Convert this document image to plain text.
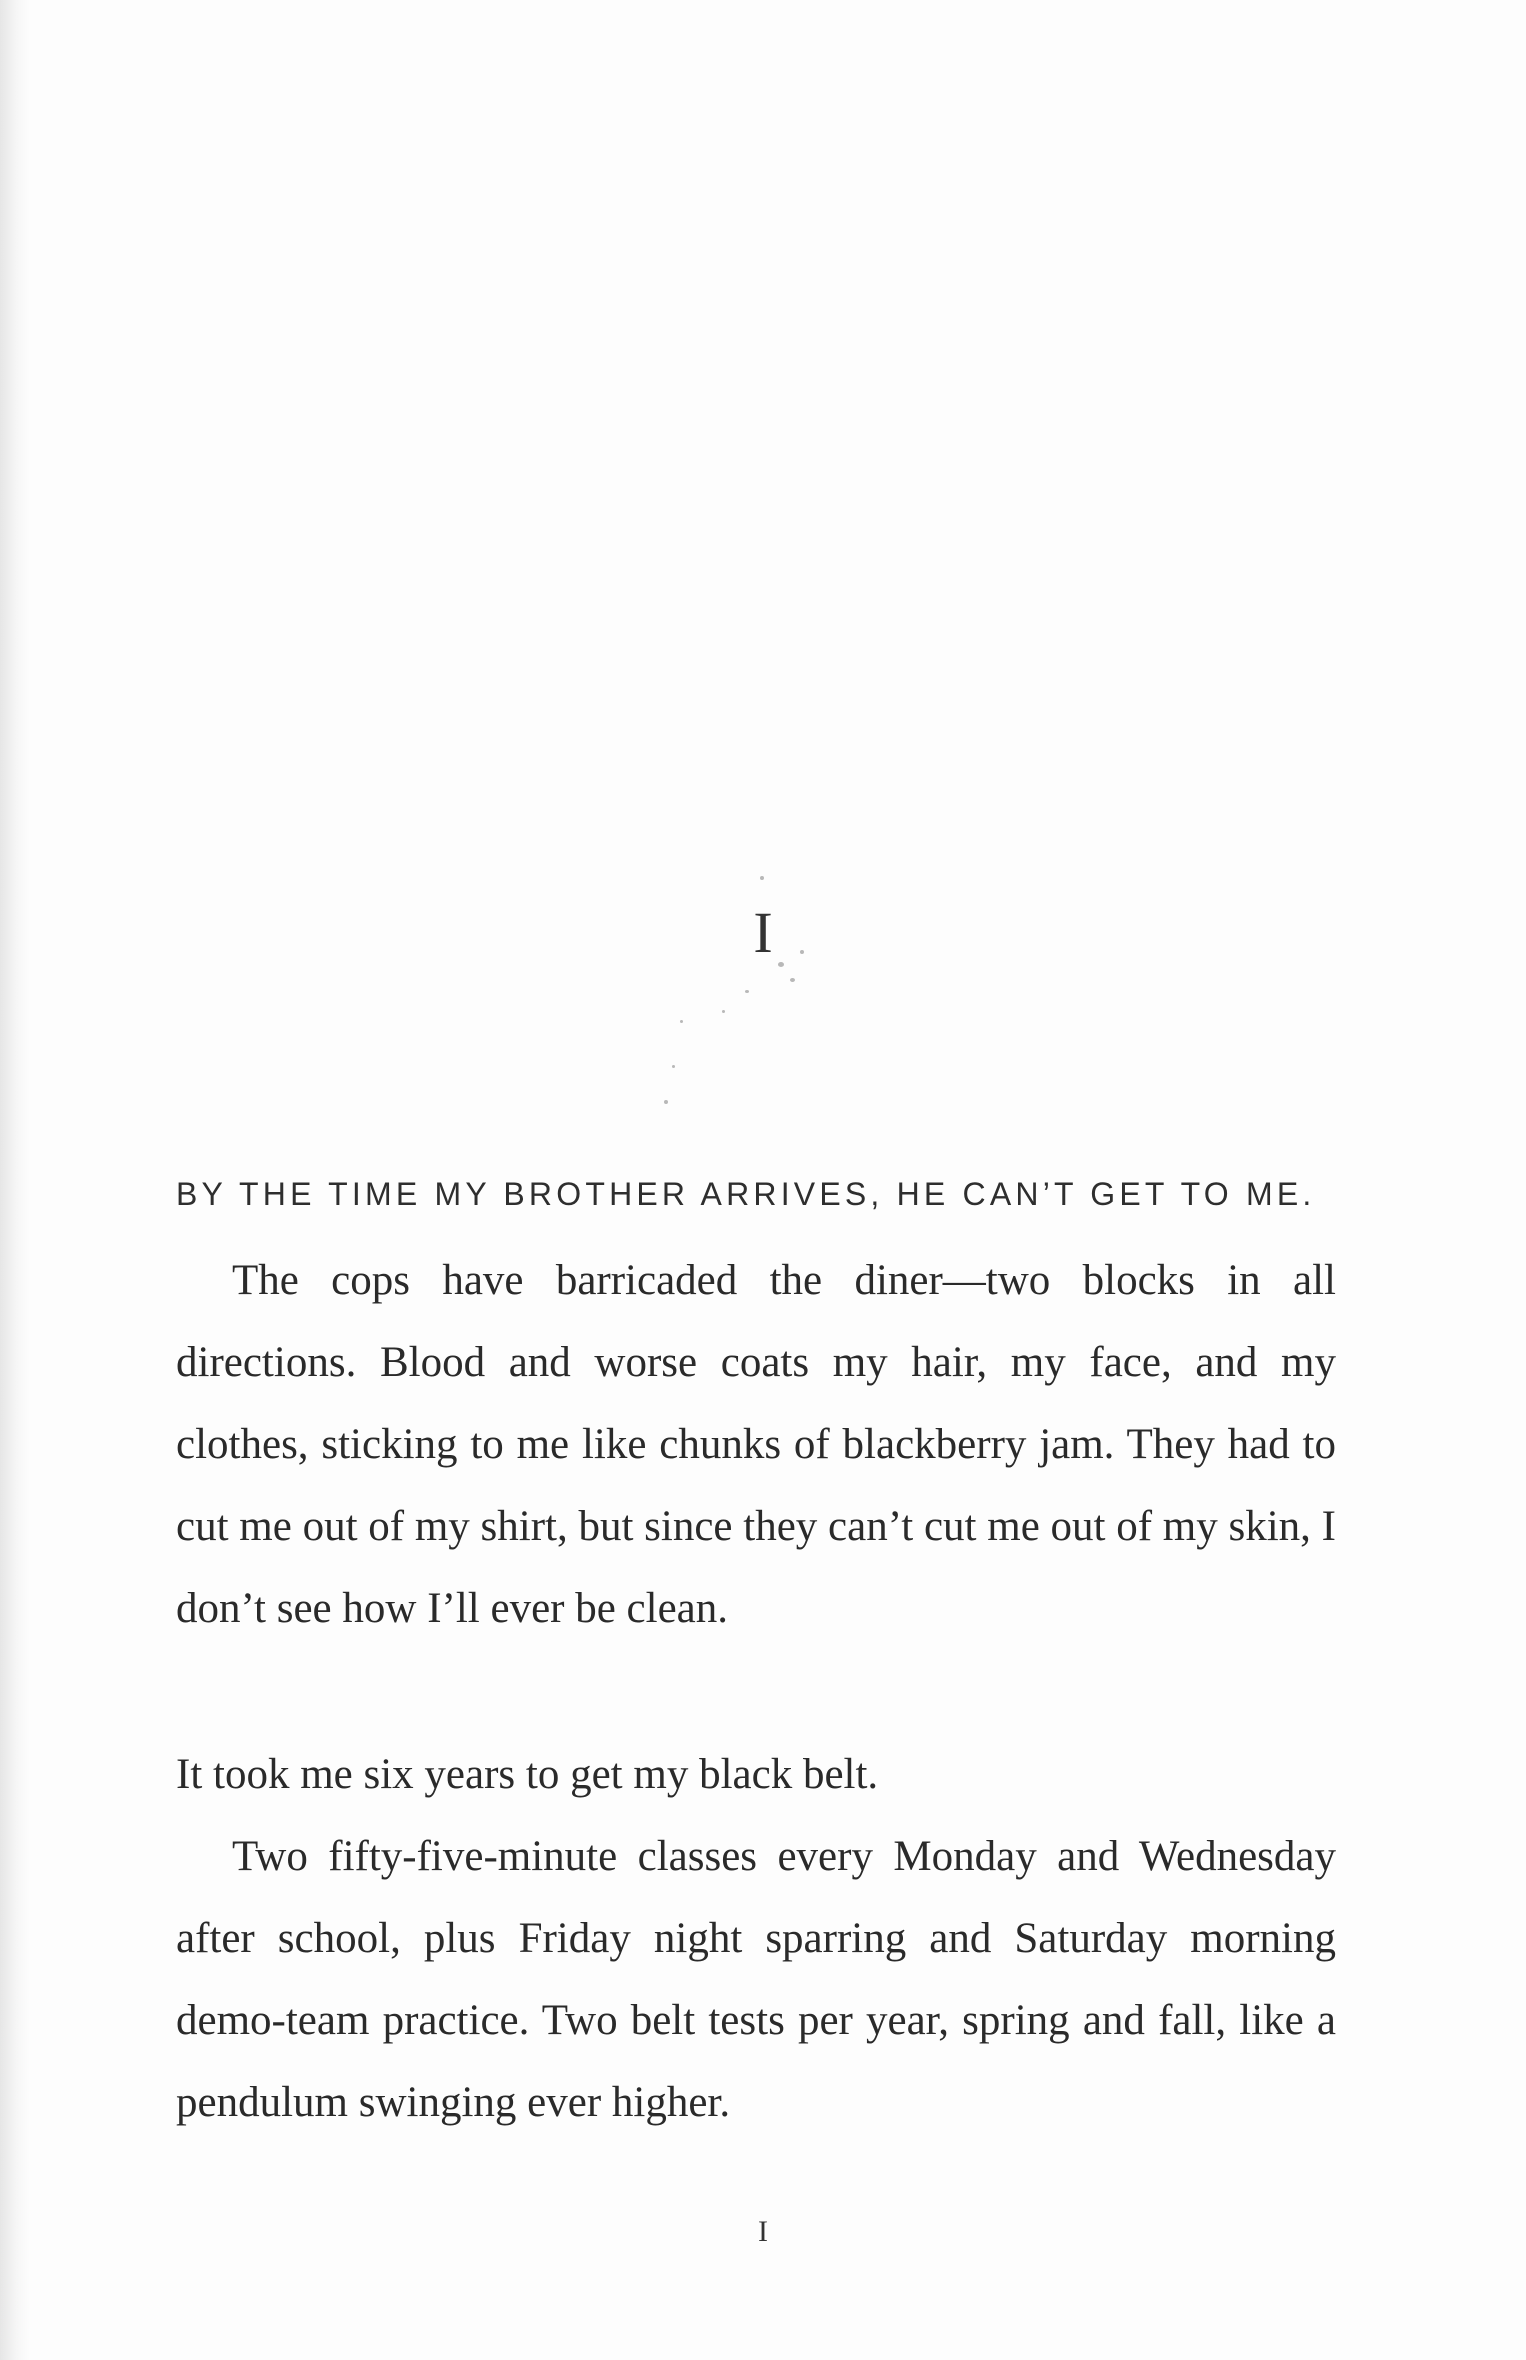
I
BY THE TIME MY BROTHER ARRIVES, HE CAN’T GET TO ME.

The cops have barricaded the diner—two blocks in all directions. Blood and worse coats my hair, my face, and my clothes, sticking to me like chunks of blackberry jam. They had to cut me out of my shirt, but since they can’t cut me out of my skin, I don’t see how I’ll ever be clean.

It took me six years to get my black belt.

Two fifty-five-minute classes every Monday and Wednesday after school, plus Friday night sparring and Saturday morning demo-team practice. Two belt tests per year, spring and fall, like a pendulum swinging ever higher.

I
